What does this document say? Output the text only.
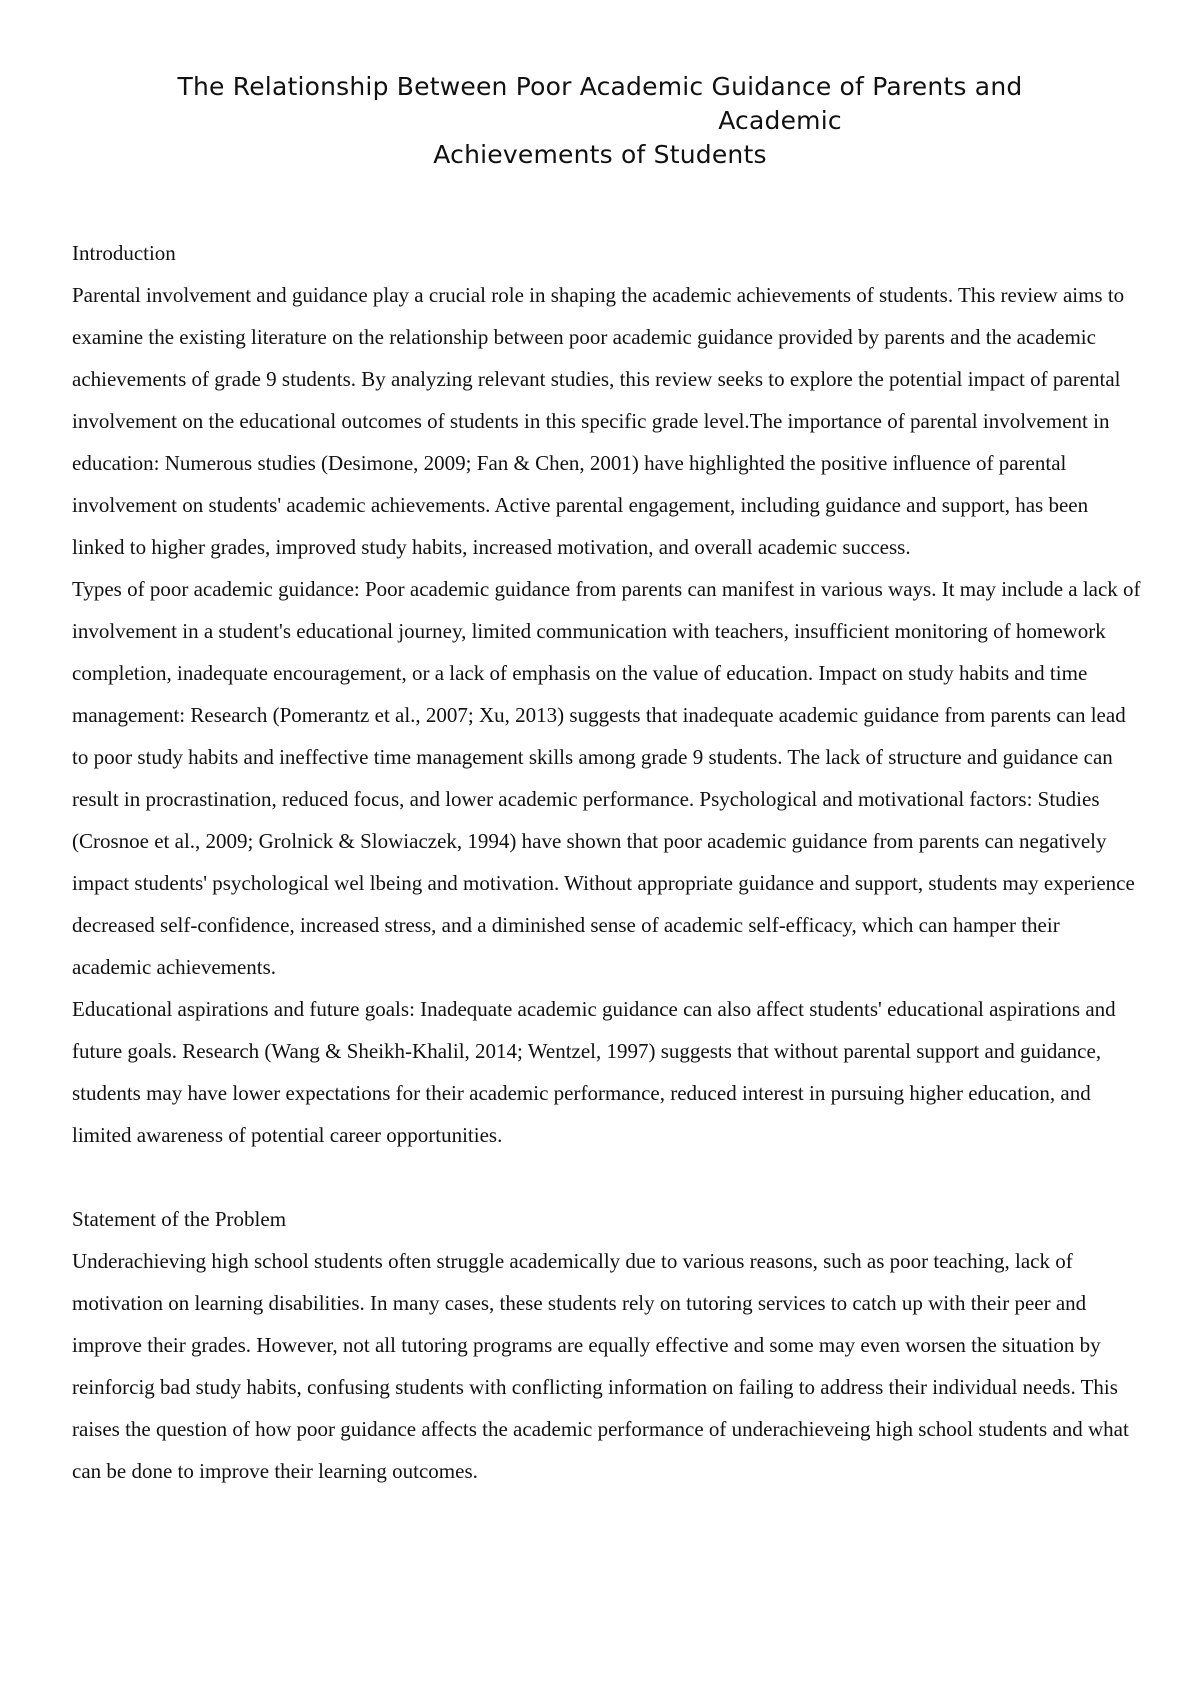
The Relationship Between Poor Academic Guidance of Parents and
Academic
Achievements of Students

Introduction

Parental involvement and guidance play a crucial role in shaping the academic achievements of students. This review aims to examine the existing literature on the relationship between poor academic guidance provided by parents and the academic achievements of grade 9 students. By analyzing relevant studies, this review seeks to explore the potential impact of parental involvement on the educational outcomes of students in this specific grade level.The importance of parental involvement in education: Numerous studies (Desimone, 2009; Fan & Chen, 2001) have highlighted the positive influence of parental involvement on students' academic achievements. Active parental engagement, including guidance and support, has been linked to higher grades, improved study habits, increased motivation, and overall academic success.

Types of poor academic guidance: Poor academic guidance from parents can manifest in various ways. It may include a lack of involvement in a student's educational journey, limited communication with teachers, insufficient monitoring of homework completion, inadequate encouragement, or a lack of emphasis on the value of education. Impact on study habits and time management: Research (Pomerantz et al., 2007; Xu, 2013) suggests that inadequate academic guidance from parents can lead to poor study habits and ineffective time management skills among grade 9 students. The lack of structure and guidance can result in procrastination, reduced focus, and lower academic performance. Psychological and motivational factors: Studies (Crosnoe et al., 2009; Grolnick & Slowiaczek, 1994) have shown that poor academic guidance from parents can negatively impact students' psychological wel lbeing and motivation. Without appropriate guidance and support, students may experience decreased self-confidence, increased stress, and a diminished sense of academic self-efficacy, which can hamper their academic achievements.

Educational aspirations and future goals: Inadequate academic guidance can also affect students' educational aspirations and future goals. Research (Wang & Sheikh-Khalil, 2014; Wentzel, 1997) suggests that without parental support and guidance, students may have lower expectations for their academic performance, reduced interest in pursuing higher education, and limited awareness of potential career opportunities.

Statement of the Problem

Underachieving high school students often struggle academically due to various reasons, such as poor teaching, lack of motivation on learning disabilities. In many cases, these students rely on tutoring services to catch up with their peer and improve their grades. However, not all tutoring programs are equally effective and some may even worsen the situation by reinforcig bad study habits, confusing students with conflicting information on failing to address their individual needs. This raises the question of how poor guidance affects the academic performance of underachieveing high school students and what can be done to improve their learning outcomes.
